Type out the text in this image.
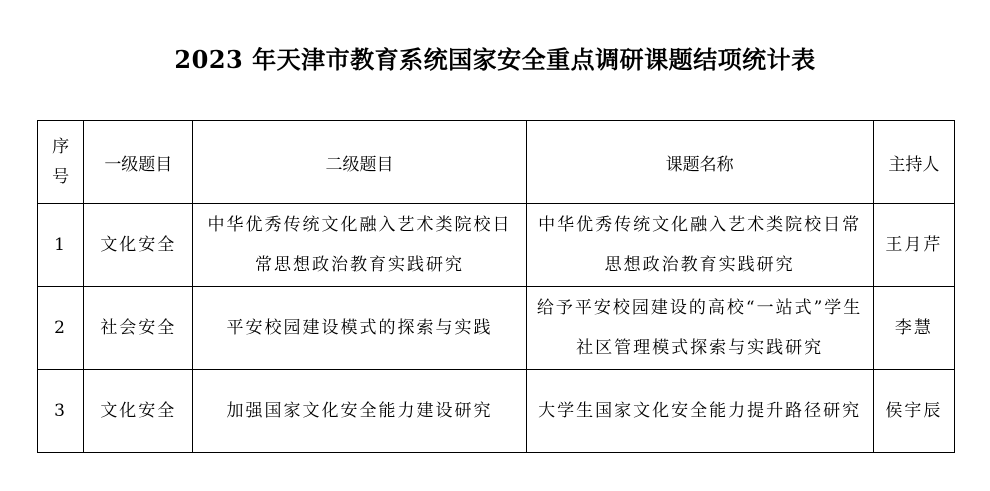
2023 年天津市教育系统国家安全重点调研课题结项统计表
序
号	一级题目	二级题目	课题名称	主持人
1	文化安全	中华优秀传统文化融入艺术类院校日常思想政治教育实践研究	中华优秀传统文化融入艺术类院校日常思想政治教育实践研究	王月芹
2	社会安全	平安校园建设模式的探索与实践	给予平安校园建设的高校“一站式”学生社区管理模式探索与实践研究	李慧
3	文化安全	加强国家文化安全能力建设研究	大学生国家文化安全能力提升路径研究	侯宇辰
